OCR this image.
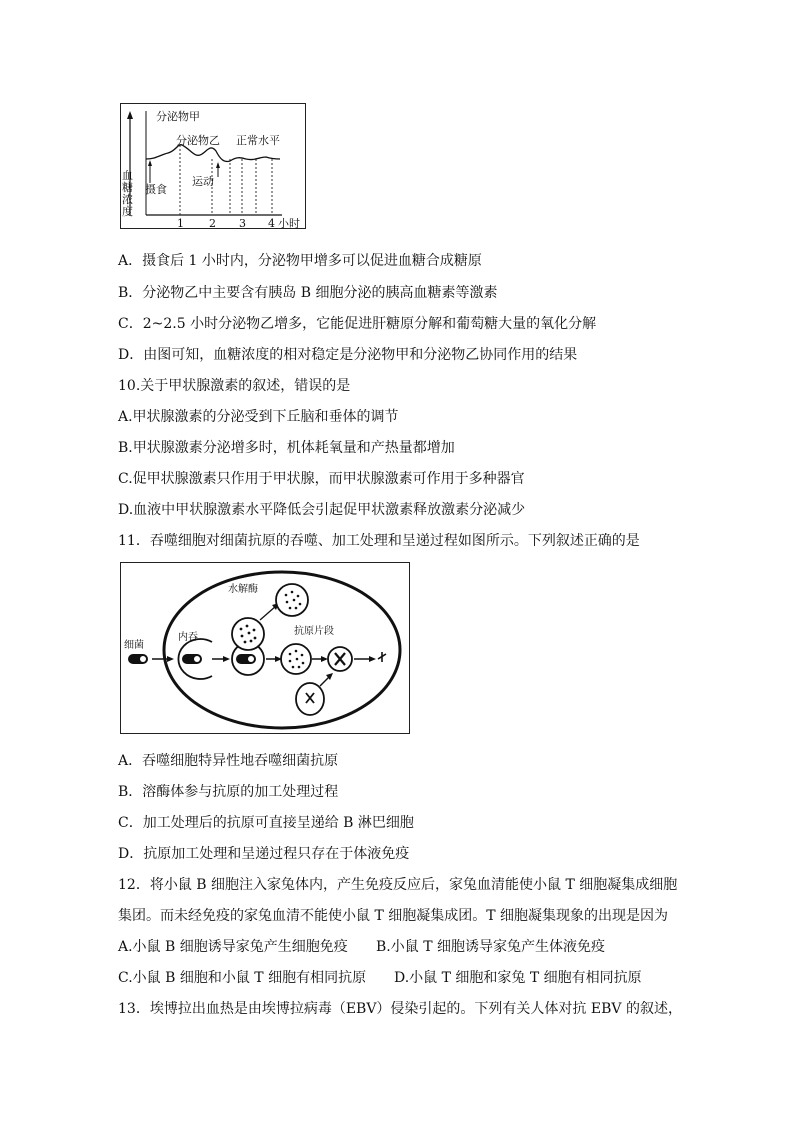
分泌物甲
分泌物乙 正常水平
摄食
运动
血
糖
浓
度
1 2 3 4 小时
A．摄食后 1 小时内，分泌物甲增多可以促进血糖合成糖原
B．分泌物乙中主要含有胰岛 B 细胞分泌的胰高血糖素等激素
C．2~2.5 小时分泌物乙增多，它能促进肝糖原分解和葡萄糖大量的氧化分解
D．由图可知，血糖浓度的相对稳定是分泌物甲和分泌物乙协同作用的结果
10.关于甲状腺激素的叙述，错误的是
A.甲状腺激素的分泌受到下丘脑和垂体的调节
B.甲状腺激素分泌增多时，机体耗氧量和产热量都增加
C.促甲状腺激素只作用于甲状腺，而甲状腺激素可作用于多种器官
D.血液中甲状腺激素水平降低会引起促甲状激素释放激素分泌减少
11．吞噬细胞对细菌抗原的吞噬、加工处理和呈递过程如图所示。下列叙述正确的是
水解酶
细菌
内吞
抗原片段
A．吞噬细胞特异性地吞噬细菌抗原
B．溶酶体参与抗原的加工处理过程
C．加工处理后的抗原可直接呈递给 B 淋巴细胞
D．抗原加工处理和呈递过程只存在于体液免疫
12．将小鼠 B 细胞注入家兔体内，产生免疫反应后，家兔血清能使小鼠 T 细胞凝集成细胞
集团。而未经免疫的家兔血清不能使小鼠 T 细胞凝集成团。T 细胞凝集现象的出现是因为
A.小鼠 B 细胞诱导家兔产生细胞免疫 B.小鼠 T 细胞诱导家兔产生体液免疫
C.小鼠 B 细胞和小鼠 T 细胞有相同抗原 D.小鼠 T 细胞和家兔 T 细胞有相同抗原
13．埃博拉出血热是由埃博拉病毒（EBV）侵染引起的。下列有关人体对抗 EBV 的叙述，
